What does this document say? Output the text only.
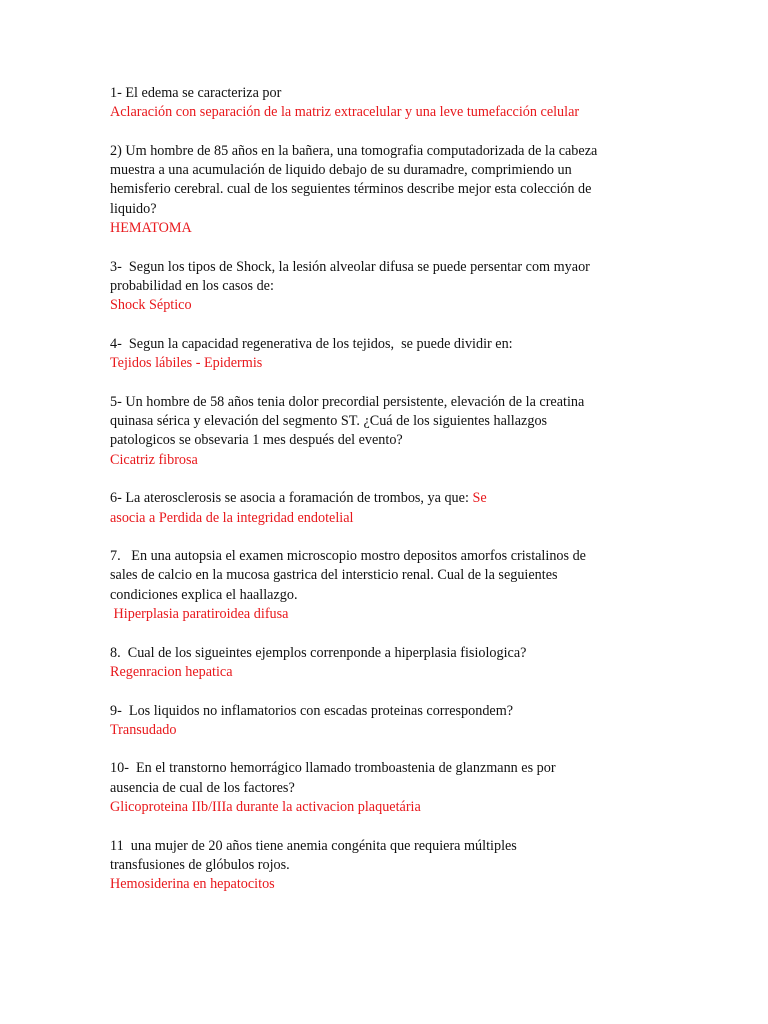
1- El edema se caracteriza por
Aclaración con separación de la matriz extracelular y una leve tumefacción celular
2) Um hombre de 85 años en la bañera, una tomografia computadorizada de la cabeza
muestra a una acumulación de liquido debajo de su duramadre, comprimiendo un
hemisferio cerebral. cual de los seguientes términos describe mejor esta colección de
liquido?
HEMATOMA
3-  Segun los tipos de Shock, la lesión alveolar difusa se puede persentar com myaor
probabilidad en los casos de:
Shock Séptico
4-  Segun la capacidad regenerativa de los tejidos,  se puede dividir en:
Tejidos lábiles - Epidermis
5- Un hombre de 58 años tenia dolor precordial persistente, elevación de la creatina
quinasa sérica y elevación del segmento ST. ¿Cuá de los siguientes hallazgos
patologicos se obsevaria 1 mes después del evento?
Cicatriz fibrosa
6- La aterosclerosis se asocia a foramación de trombos, ya que: Se
asocia a Perdida de la integridad endotelial
7.   En una autopsia el examen microscopio mostro depositos amorfos cristalinos de
sales de calcio en la mucosa gastrica del intersticio renal. Cual de la seguientes
condiciones explica el haallazgo.
Hiperplasia paratiroidea difusa
8.  Cual de los sigueintes ejemplos correnponde a hiperplasia fisiologica?
Regenracion hepatica
9-  Los liquidos no inflamatorios con escadas proteinas correspondem?
Transudado
10-  En el transtorno hemorrágico llamado tromboastenia de glanzmann es por
ausencia de cual de los factores?
Glicoproteina IIb/IIIa durante la activacion plaquetária
11  una mujer de 20 años tiene anemia congénita que requiera múltiples
transfusiones de glóbulos rojos.
Hemosiderina en hepatocitos
